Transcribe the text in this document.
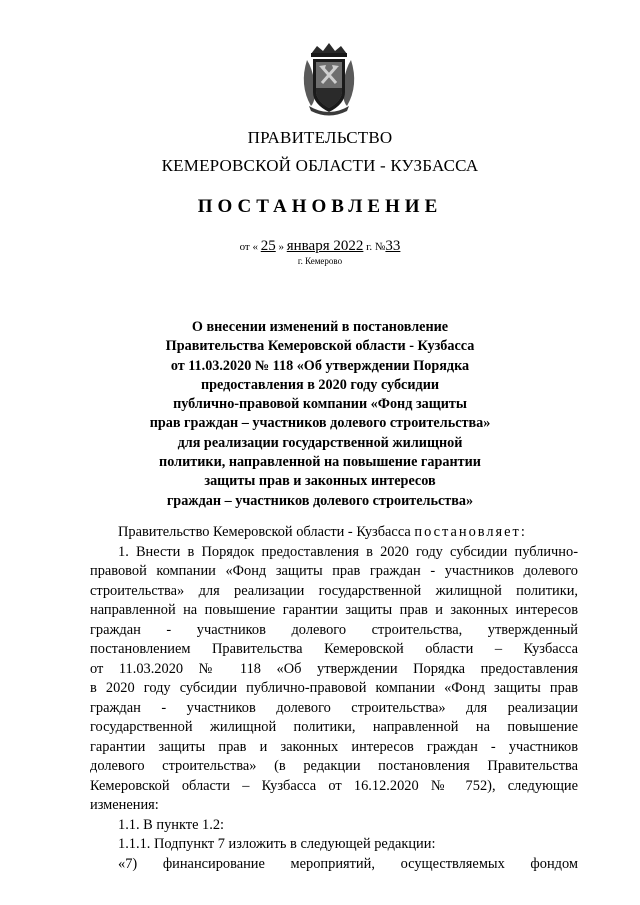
ПРАВИТЕЛЬСТВО
КЕМЕРОВСКОЙ ОБЛАСТИ - КУЗБАССА
ПОСТАНОВЛЕНИЕ
от « 25 » января 2022 г. №33
г. Кемерово
О внесении изменений в постановление
Правительства Кемеровской области - Кузбасса
от 11.03.2020 № 118 «Об утверждении Порядка
предоставления в 2020 году субсидии
публично-правовой компании «Фонд защиты
прав граждан – участников долевого строительства»
для реализации государственной жилищной
политики, направленной на повышение гарантии
защиты прав и законных интересов
граждан – участников долевого строительства»
Правительство Кемеровской области - Кузбасса постановляет:
1. Внести в Порядок предоставления в 2020 году субсидии публично-
правовой компании «Фонд защиты прав граждан - участников долевого
строительства» для реализации государственной жилищной политики,
направленной на повышение гарантии защиты прав и законных интересов
граждан - участников долевого строительства, утвержденный
постановлением Правительства Кемеровской области – Кузбасса
от 11.03.2020 № 118 «Об утверждении Порядка предоставления
в 2020 году субсидии публично-правовой компании «Фонд защиты прав
граждан - участников долевого строительства» для реализации
государственной жилищной политики, направленной на повышение
гарантии защиты прав и законных интересов граждан - участников
долевого строительства» (в редакции постановления Правительства
Кемеровской области – Кузбасса от 16.12.2020 № 752), следующие
изменения:
1.1. В пункте 1.2:
1.1.1. Подпункт 7 изложить в следующей редакции:
«7) финансирование мероприятий, осуществляемых фондом
